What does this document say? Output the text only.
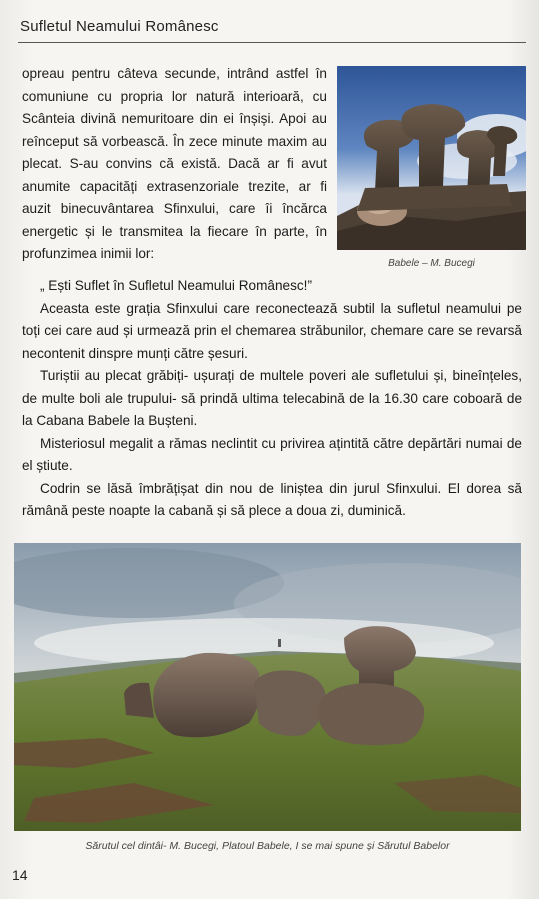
Sufletul Neamului Românesc

opreau pentru câteva secunde, intrând astfel în comuniune cu propria lor natură interioară, cu Scânteia divină nemuritoare din ei înșiși. Apoi au reînceput să vorbească. În zece minute maxim au plecat. S-au convins că există. Dacă ar fi avut anumite capacități extrasenzoriale trezite, ar fi auzit binecuvântarea Sfinxului, care îi încărca energetic și le transmitea la fiecare în parte, în profunzimea inimii lor:

Babele – M. Bucegi

„ Ești Suflet în Sufletul Neamului Românesc!”

Aceasta este grația Sfinxului care reconectează subtil la sufletul neamului pe toți cei care aud și urmează prin el chemarea străbunilor, chemare care se revarsă necontenit dinspre munți către șesuri.

Turiștii au plecat grăbiți- ușurați de multele poveri ale sufletului și, bineînțeles, de multe boli ale trupului- să prindă ultima telecabină de la 16.30 care coboară de la Cabana Babele la Bușteni.

Misteriosul megalit a rămas neclintit cu privirea ațintită către depărtări numai de el știute.

Codrin se lăsă îmbrățișat din nou de liniștea din jurul Sfinxului. El dorea să rămână peste noapte la cabană și să plece a doua zi, duminică.

Sărutul cel dintâi- M. Bucegi, Platoul Babele, I se mai spune și Sărutul Babelor
14
